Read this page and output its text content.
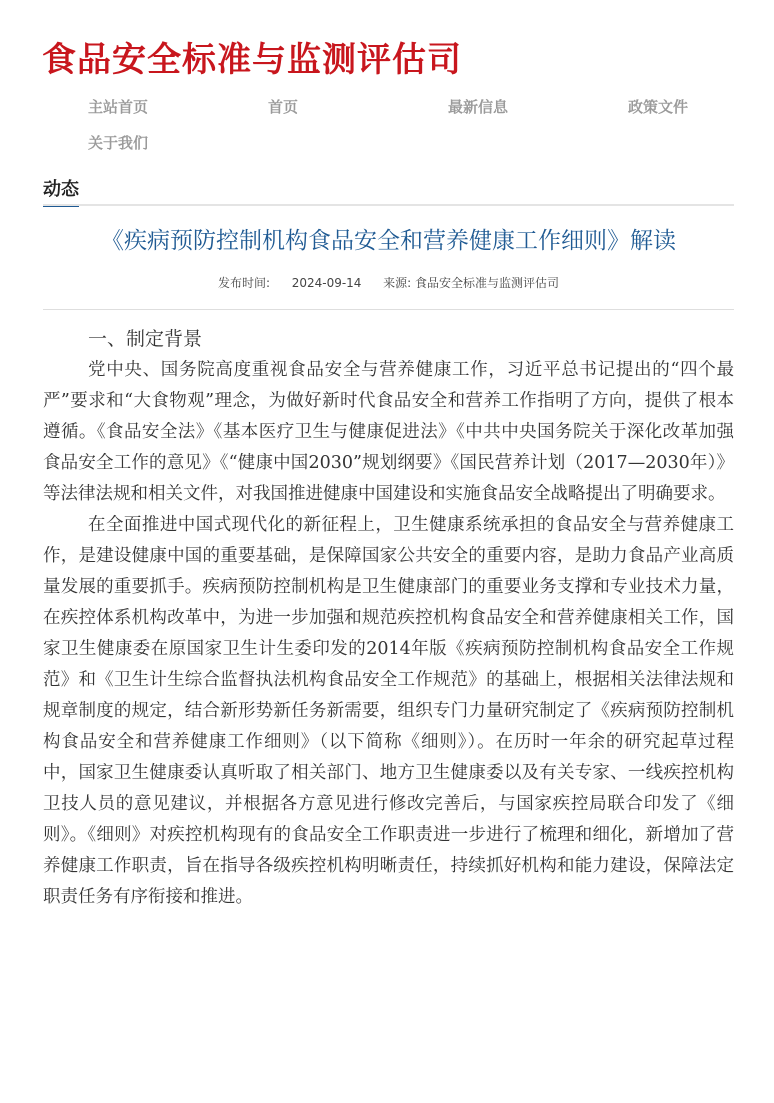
食品安全标准与监测评估司
主站首页	首页	最新信息	政策文件
关于我们
动态
《疾病预防控制机构食品安全和营养健康工作细则》解读
发布时间: 2024-09-14 来源: 食品安全标准与监测评估司
一、制定背景

党中央、国务院高度重视食品安全与营养健康工作，习近平总书记提出的“四个最严”要求和“大食物观”理念，为做好新时代食品安全和营养工作指明了方向，提供了根本遵循。《食品安全法》《基本医疗卫生与健康促进法》《中共中央国务院关于深化改革加强食品安全工作的意见》《“健康中国2030”规划纲要》《国民营养计划（2017—2030年）》等法律法规和相关文件，对我国推进健康中国建设和实施食品安全战略提出了明确要求。

在全面推进中国式现代化的新征程上，卫生健康系统承担的食品安全与营养健康工作，是建设健康中国的重要基础，是保障国家公共安全的重要内容，是助力食品产业高质量发展的重要抓手。疾病预防控制机构是卫生健康部门的重要业务支撑和专业技术力量，在疾控体系机构改革中，为进一步加强和规范疾控机构食品安全和营养健康相关工作，国家卫生健康委在原国家卫生计生委印发的2014年版《疾病预防控制机构食品安全工作规范》和《卫生计生综合监督执法机构食品安全工作规范》的基础上，根据相关法律法规和规章制度的规定，结合新形势新任务新需要，组织专门力量研究制定了《疾病预防控制机构食品安全和营养健康工作细则》（以下简称《细则》）。在历时一年余的研究起草过程中，国家卫生健康委认真听取了相关部门、地方卫生健康委以及有关专家、一线疾控机构卫技人员的意见建议，并根据各方意见进行修改完善后，与国家疾控局联合印发了《细则》。《细则》对疾控机构现有的食品安全工作职责进一步进行了梳理和细化，新增加了营养健康工作职责，旨在指导各级疾控机构明晰责任，持续抓好机构和能力建设，保障法定职责任务有序衔接和推进。
